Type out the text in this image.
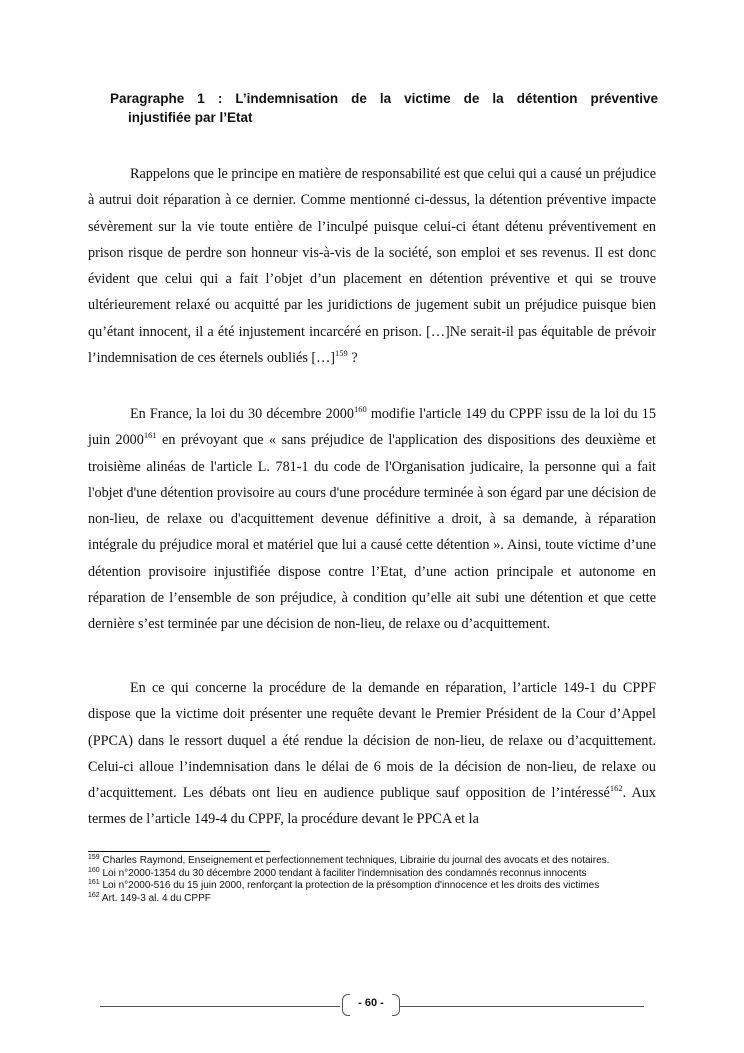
Paragraphe 1 : L’indemnisation de la victime de la détention préventive
injustifiée par l’Etat

Rappelons que le principe en matière de responsabilité est que celui qui a causé un préjudice à autrui doit réparation à ce dernier. Comme mentionné ci-dessus, la détention préventive impacte sévèrement sur la vie toute entière de l’inculpé puisque celui-ci étant détenu préventivement en prison risque de perdre son honneur vis-à-vis de la société, son emploi et ses revenus. Il est donc évident que celui qui a fait l’objet d’un placement en détention préventive et qui se trouve ultérieurement relaxé ou acquitté par les juridictions de jugement subit un préjudice puisque bien qu’étant innocent, il a été injustement incarcéré en prison. […]Ne serait-il pas équitable de prévoir l’indemnisation de ces éternels oubliés […]$^{159}$ ?

En France, la loi du 30 décembre 2000$^{160}$ modifie l'article 149 du CPPF issu de la loi du 15 juin 2000$^{161}$ en prévoyant que « sans préjudice de l'application des dispositions des deuxième et troisième alinéas de l'article L. 781-1 du code de l'Organisation judicaire, la personne qui a fait l'objet d'une détention provisoire au cours d'une procédure terminée à son égard par une décision de non-lieu, de relaxe ou d'acquittement devenue définitive a droit, à sa demande, à réparation intégrale du préjudice moral et matériel que lui a causé cette détention ». Ainsi, toute victime d’une détention provisoire injustifiée dispose contre l’Etat, d’une action principale et autonome en réparation de l’ensemble de son préjudice, à condition qu’elle ait subi une détention et que cette dernière s’est terminée par une décision de non-lieu, de relaxe ou d’acquittement.

En ce qui concerne la procédure de la demande en réparation, l’article 149-1 du CPPF dispose que la victime doit présenter une requête devant le Premier Président de la Cour d’Appel (PPCA) dans le ressort duquel a été rendue la décision de non-lieu, de relaxe ou d’acquittement. Celui-ci alloue l’indemnisation dans le délai de 6 mois de la décision de non-lieu, de relaxe ou d’acquittement. Les débats ont lieu en audience publique sauf opposition de l’intéressé$^{162}$. Aux termes de l’article 149-4 du CPPF, la procédure devant le PPCA et la

$^{159}$ Charles Raymond, Enseignement et perfectionnement techniques, Librairie du journal des avocats et des notaires.
$^{160}$ Loi n°2000-1354 du 30 décembre 2000 tendant à faciliter l'indemnisation des condamnés reconnus innocents
$^{161}$ Loi n°2000-516 du 15 juin 2000, renforçant la protection de la présomption d'innocence et les droits des victimes
$^{162}$ Art. 149-3 al. 4 du CPPF
- 60 -
